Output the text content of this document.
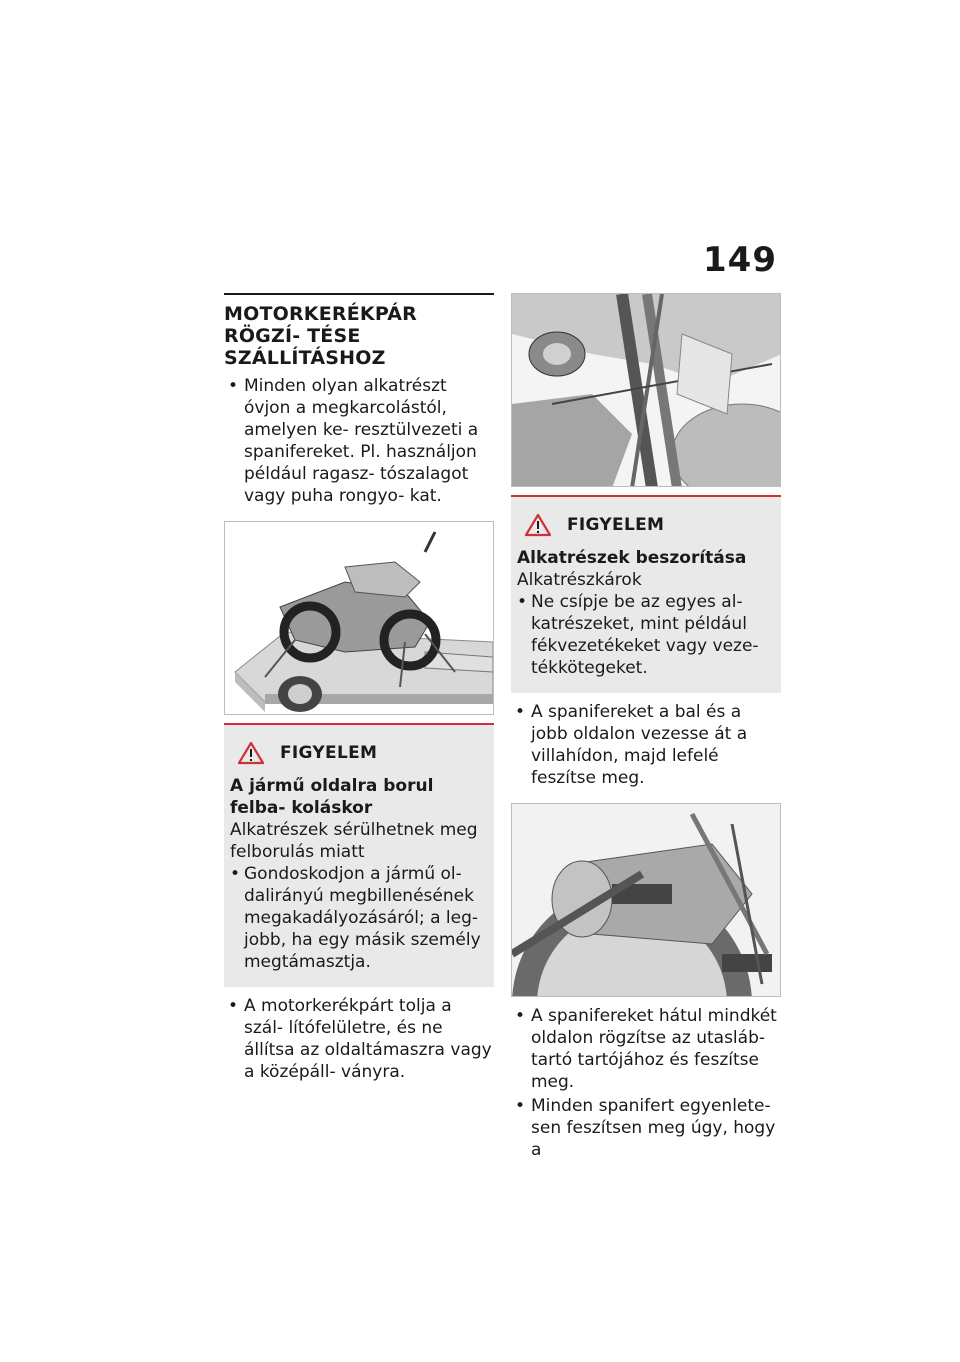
149
MOTORKERÉKPÁR RÖGZÍ- TÉSE SZÁLLÍTÁSHOZ
• Minden olyan alkatrészt óvjon a megkarcolástól, amelyen ke- resztülvezeti a spanifereket. Pl. használjon például ragasz- tószalagot vagy puha rongyo- kat.
FIGYELEM
A jármű oldalra borul felba- koláskor
Alkatrészek sérülhetnek meg felborulás miatt
• Gondoskodjon a jármű ol- dalirányú megbillenésének megakadályozásáról; a leg- jobb, ha egy másik személy megtámasztja.
• A motorkerékpárt tolja a szál- lítófelületre, és ne állítsa az oldaltámaszra vagy a középáll- ványra.
FIGYELEM
Alkatrészek beszorítása
Alkatrészkárok
• Ne csípje be az egyes al- katrészeket, mint például fékvezetékeket vagy veze- tékkötegeket.
• A spanifereket a bal és a jobb oldalon vezesse át a villahídon, majd lefelé feszítse meg.
• A spanifereket hátul mindkét oldalon rögzítse az utasláb- tartó tartójához és feszítse meg.
• Minden spanifert egyenlete- sen feszítsen meg úgy, hogy a
